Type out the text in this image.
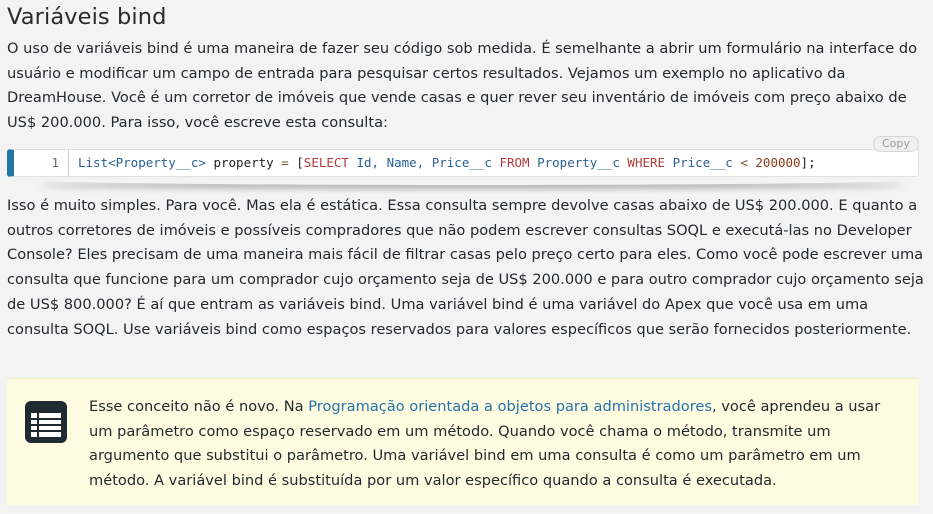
Variáveis bind

O uso de variáveis bind é uma maneira de fazer seu código sob medida. É semelhante a abrir um formulário na interface do usuário e modificar um campo de entrada para pesquisar certos resultados. Vejamos um exemplo no aplicativo da DreamHouse. Você é um corretor de imóveis que vende casas e quer rever seu inventário de imóveis com preço abaixo de US$ 200.000. Para isso, você escreve esta consulta:

1	List<Property__c> property = [SELECT Id, Name, Price__c FROM Property__c WHERE Price__c < 200000];
Copy

Isso é muito simples. Para você. Mas ela é estática. Essa consulta sempre devolve casas abaixo de US$ 200.000. E quanto a outros corretores de imóveis e possíveis compradores que não podem escrever consultas SOQL e executá-las no Developer Console? Eles precisam de uma maneira mais fácil de filtrar casas pelo preço certo para eles. Como você pode escrever uma consulta que funcione para um comprador cujo orçamento seja de US$ 200.000 e para outro comprador cujo orçamento seja de US$ 800.000? É aí que entram as variáveis bind. Uma variável bind é uma variável do Apex que você usa em uma consulta SOQL. Use variáveis bind como espaços reservados para valores específicos que serão fornecidos posteriormente.

Esse conceito não é novo. Na Programação orientada a objetos para administradores, você aprendeu a usar um parâmetro como espaço reservado em um método. Quando você chama o método, transmite um argumento que substitui o parâmetro. Uma variável bind em uma consulta é como um parâmetro em um método. A variável bind é substituída por um valor específico quando a consulta é executada.
